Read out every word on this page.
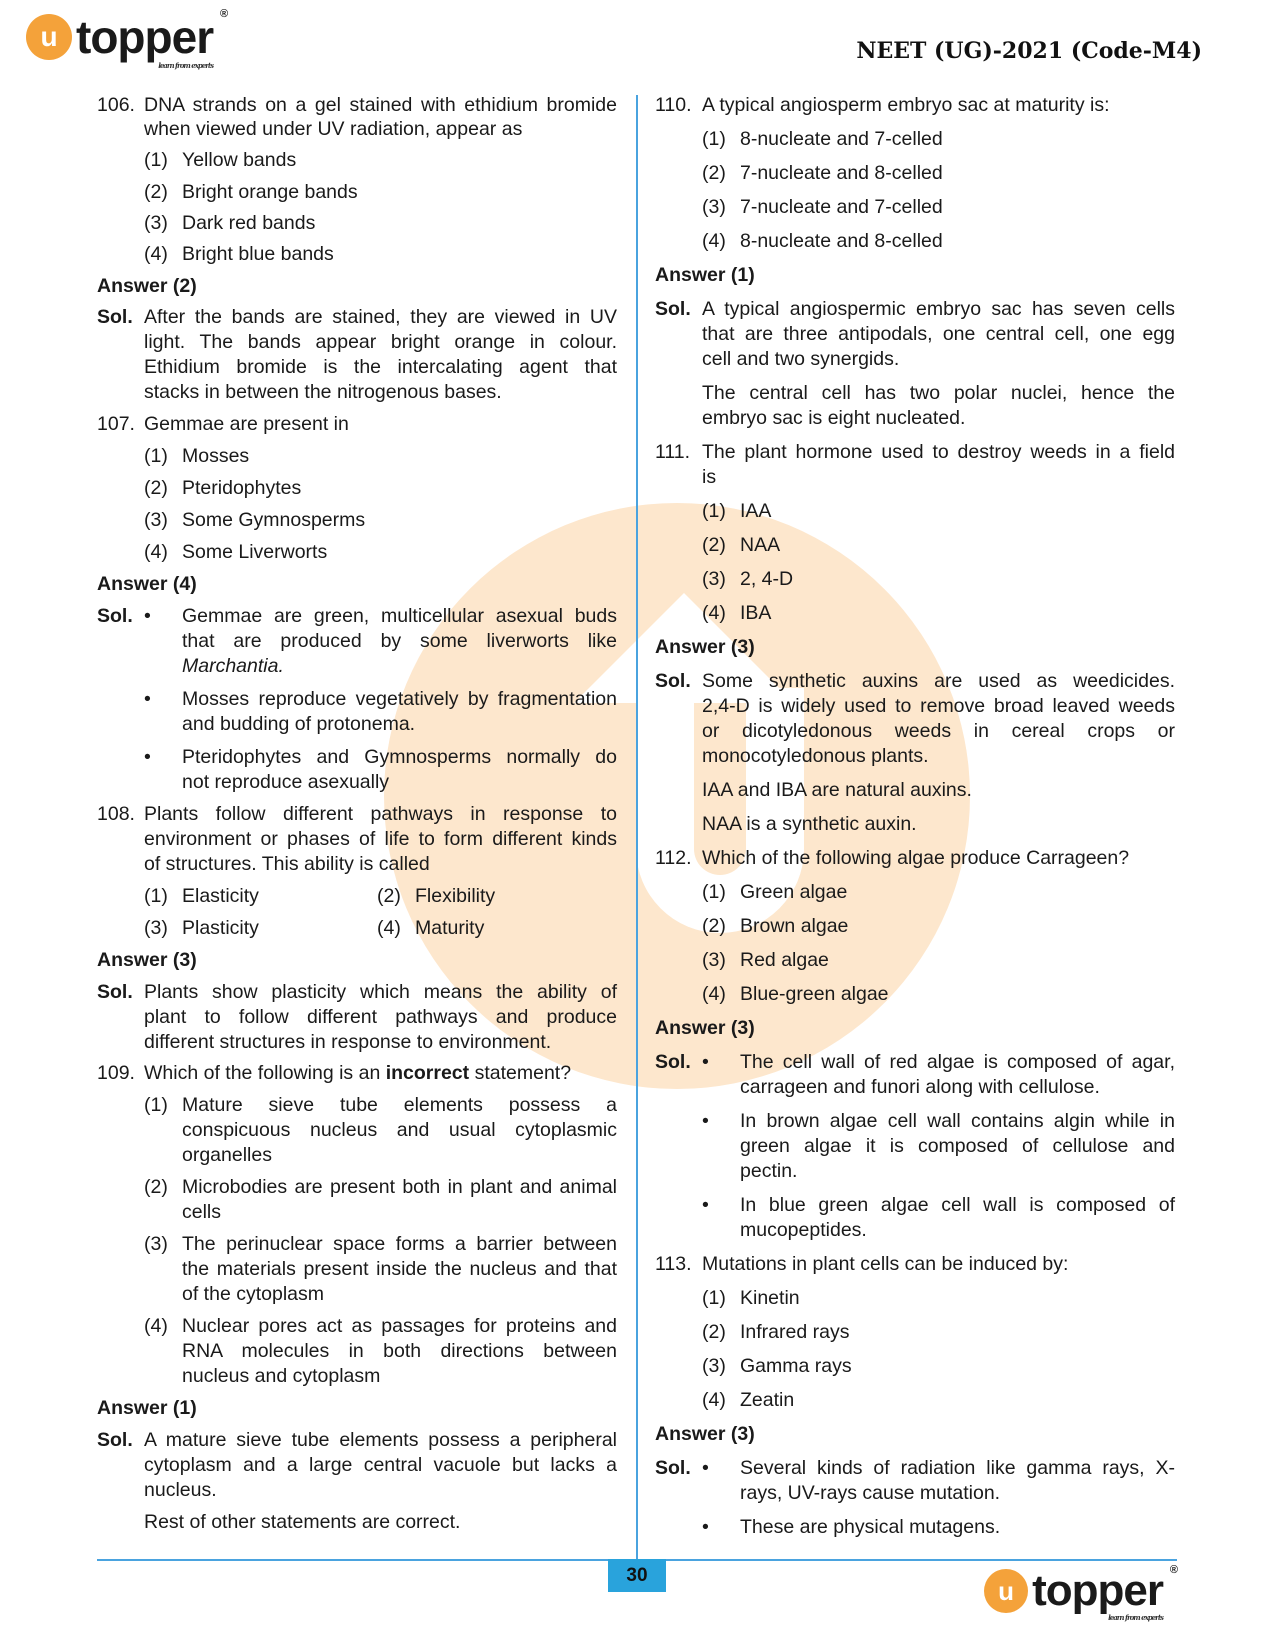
u topper ®
learn from experts
NEET (UG)-2021 (Code-M4)
106. DNA strands on a gel stained with ethidium bromide
when viewed under UV radiation, appear as
(1) Yellow bands
(2) Bright orange bands
(3) Dark red bands
(4) Bright blue bands
Answer (2)
Sol. After the bands are stained, they are viewed in UV
light. The bands appear bright orange in colour.
Ethidium bromide is the intercalating agent that
stacks in between the nitrogenous bases.
107. Gemmae are present in
(1) Mosses
(2) Pteridophytes
(3) Some Gymnosperms
(4) Some Liverworts
Answer (4)
Sol. • Gemmae are green, multicellular asexual buds
that are produced by some liverworts like
Marchantia.
• Mosses reproduce vegetatively by fragmentation
and budding of protonema.
• Pteridophytes and Gymnosperms normally do
not reproduce asexually
108. Plants follow different pathways in response to
environment or phases of life to form different kinds
of structures. This ability is called
(1) Elasticity	(2) Flexibility
(3) Plasticity	(4) Maturity
Answer (3)
Sol. Plants show plasticity which means the ability of
plant to follow different pathways and produce
different structures in response to environment.
109. Which of the following is an incorrect statement?
(1) Mature sieve tube elements possess a
conspicuous nucleus and usual cytoplasmic
organelles
(2) Microbodies are present both in plant and animal
cells
(3) The perinuclear space forms a barrier between
the materials present inside the nucleus and that
of the cytoplasm
(4) Nuclear pores act as passages for proteins and
RNA molecules in both directions between
nucleus and cytoplasm
Answer (1)
Sol. A mature sieve tube elements possess a peripheral
cytoplasm and a large central vacuole but lacks a
nucleus.
Rest of other statements are correct.
110. A typical angiosperm embryo sac at maturity is:
(1) 8-nucleate and 7-celled
(2) 7-nucleate and 8-celled
(3) 7-nucleate and 7-celled
(4) 8-nucleate and 8-celled
Answer (1)
Sol. A typical angiospermic embryo sac has seven cells
that are three antipodals, one central cell, one egg
cell and two synergids.
The central cell has two polar nuclei, hence the
embryo sac is eight nucleated.
111. The plant hormone used to destroy weeds in a field
is
(1) IAA
(2) NAA
(3) 2, 4-D
(4) IBA
Answer (3)
Sol. Some synthetic auxins are used as weedicides.
2,4-D is widely used to remove broad leaved weeds
or dicotyledonous weeds in cereal crops or
monocotyledonous plants.
IAA and IBA are natural auxins.
NAA is a synthetic auxin.
112. Which of the following algae produce Carrageen?
(1) Green algae
(2) Brown algae
(3) Red algae
(4) Blue-green algae
Answer (3)
Sol. • The cell wall of red algae is composed of agar,
carrageen and funori along with cellulose.
• In brown algae cell wall contains algin while in
green algae it is composed of cellulose and
pectin.
• In blue green algae cell wall is composed of
mucopeptides.
113. Mutations in plant cells can be induced by:
(1) Kinetin
(2) Infrared rays
(3) Gamma rays
(4) Zeatin
Answer (3)
Sol. • Several kinds of radiation like gamma rays, X-
rays, UV-rays cause mutation.
• These are physical mutagens.
30
u topper ®
learn from experts
